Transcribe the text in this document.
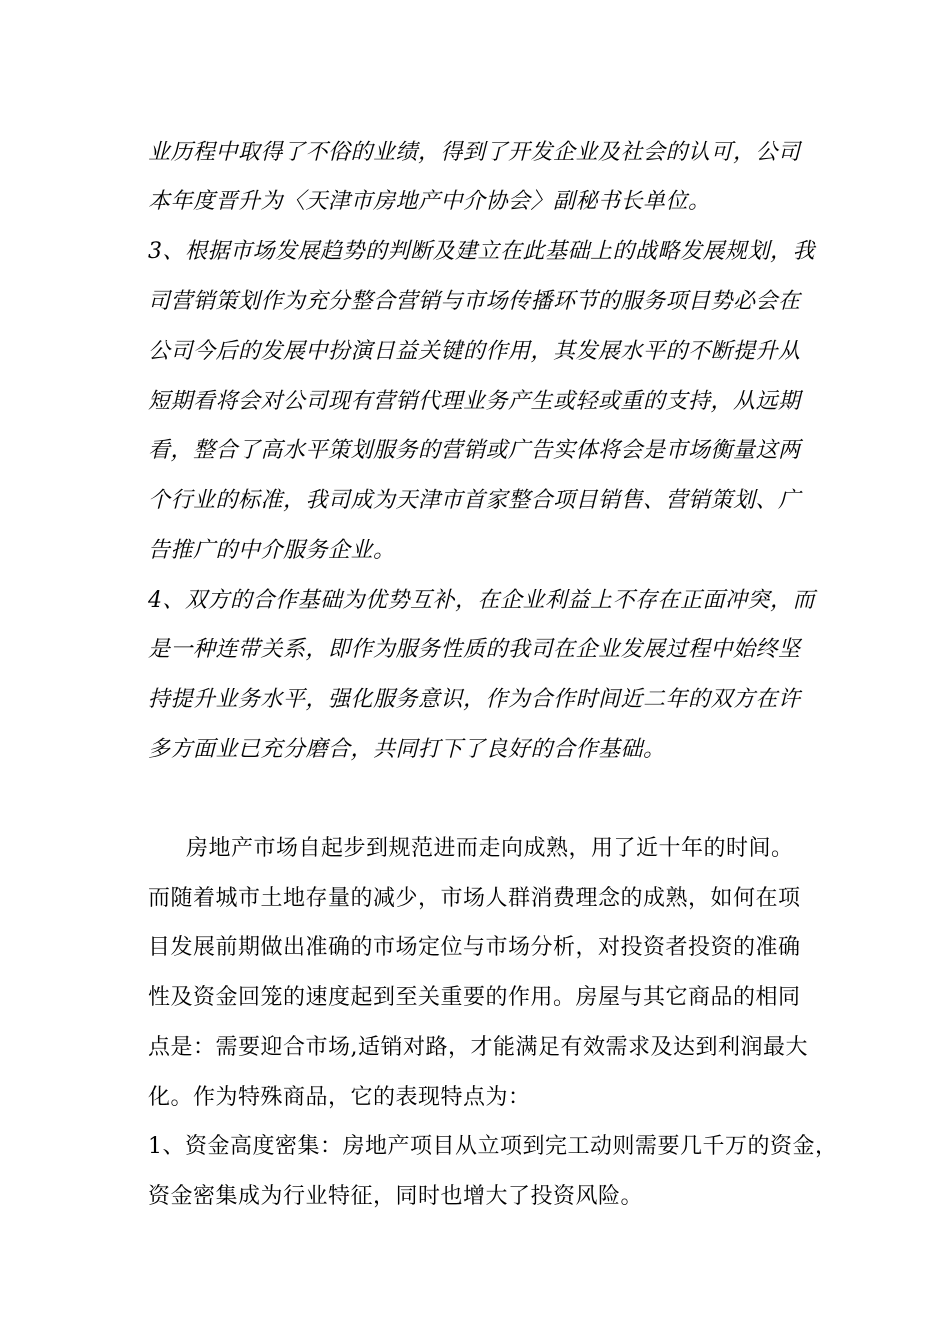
业历程中取得了不俗的业绩，得到了开发企业及社会的认可，公司
本年度晋升为〈天津市房地产中介协会〉副秘书长单位。
3、根据市场发展趋势的判断及建立在此基础上的战略发展规划，我
司营销策划作为充分整合营销与市场传播环节的服务项目势必会在
公司今后的发展中扮演日益关键的作用，其发展水平的不断提升从
短期看将会对公司现有营销代理业务产生或轻或重的支持，从远期
看，整合了高水平策划服务的营销或广告实体将会是市场衡量这两
个行业的标准，我司成为天津市首家整合项目销售、营销策划、广
告推广的中介服务企业。
4、双方的合作基础为优势互补，在企业利益上不存在正面冲突，而
是一种连带关系，即作为服务性质的我司在企业发展过程中始终坚
持提升业务水平，强化服务意识，作为合作时间近二年的双方在许
多方面业已充分磨合，共同打下了良好的合作基础。
房地产市场自起步到规范进而走向成熟，用了近十年的时间。
而随着城市土地存量的减少，市场人群消费理念的成熟，如何在项
目发展前期做出准确的市场定位与市场分析，对投资者投资的准确
性及资金回笼的速度起到至关重要的作用。房屋与其它商品的相同
点是：需要迎合市场,适销对路，才能满足有效需求及达到利润最大
化。作为特殊商品，它的表现特点为：
1、资金高度密集：房地产项目从立项到完工动则需要几千万的资金，
资金密集成为行业特征，同时也增大了投资风险。
